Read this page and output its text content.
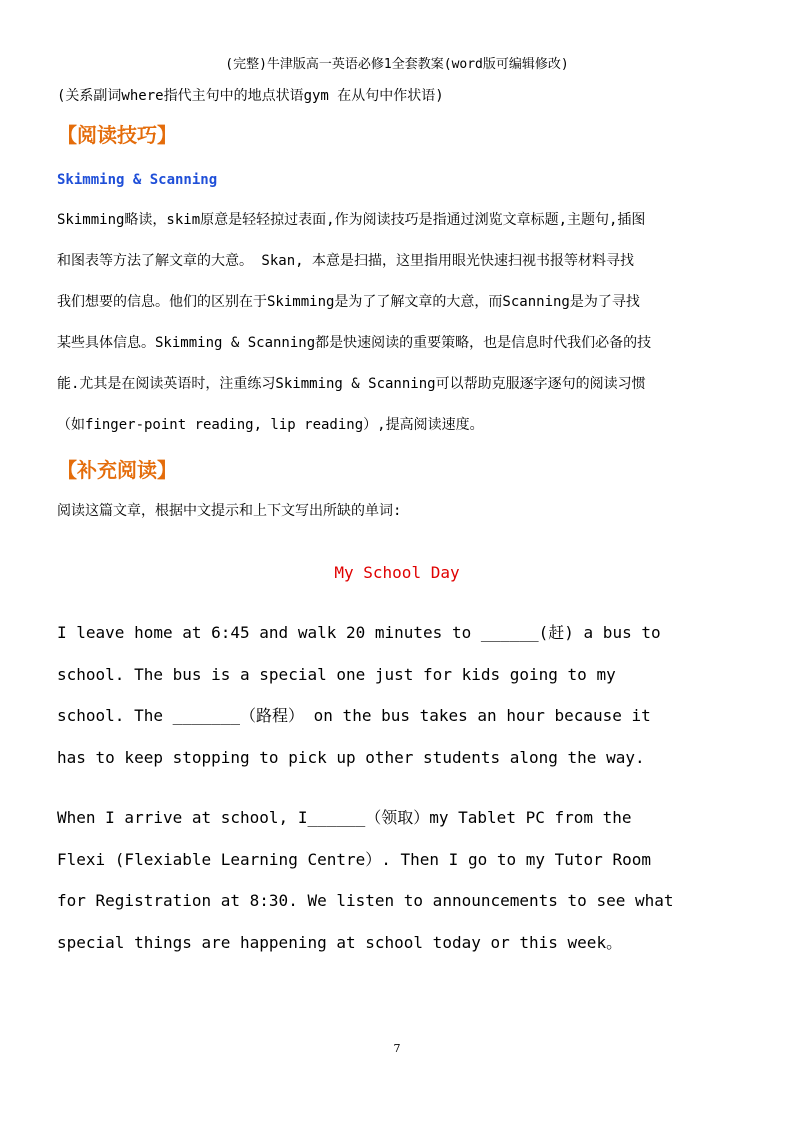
(完整)牛津版高一英语必修1全套教案(word版可编辑修改)
(关系副词where指代主句中的地点状语gym 在从句中作状语)
【阅读技巧】
Skimming & Scanning
Skimming略读，skim原意是轻轻掠过表面,作为阅读技巧是指通过浏览文章标题,主题句,插图
和图表等方法了解文章的大意。 Skan, 本意是扫描，这里指用眼光快速扫视书报等材料寻找
我们想要的信息。他们的区别在于Skimming是为了了解文章的大意，而Scanning是为了寻找
某些具体信息。Skimming & Scanning都是快速阅读的重要策略，也是信息时代我们必备的技
能.尤其是在阅读英语时，注重练习Skimming & Scanning可以帮助克服逐字逐句的阅读习惯
（如finger-point reading, lip reading）,提高阅读速度。
【补充阅读】
阅读这篇文章，根据中文提示和上下文写出所缺的单词:
My School Day
I leave home at 6:45 and walk 20 minutes to ______(赶) a bus to
school. The bus is a special one just for kids going to my
school. The _______（路程） on the bus takes an hour because it
has to keep stopping to pick up other students along the way.
When I arrive at school, I______（领取）my Tablet PC from the
Flexi (Flexiable Learning Centre）. Then I go to my Tutor Room
for Registration at 8:30. We listen to announcements to see what
special things are happening at school today or this week。
7
